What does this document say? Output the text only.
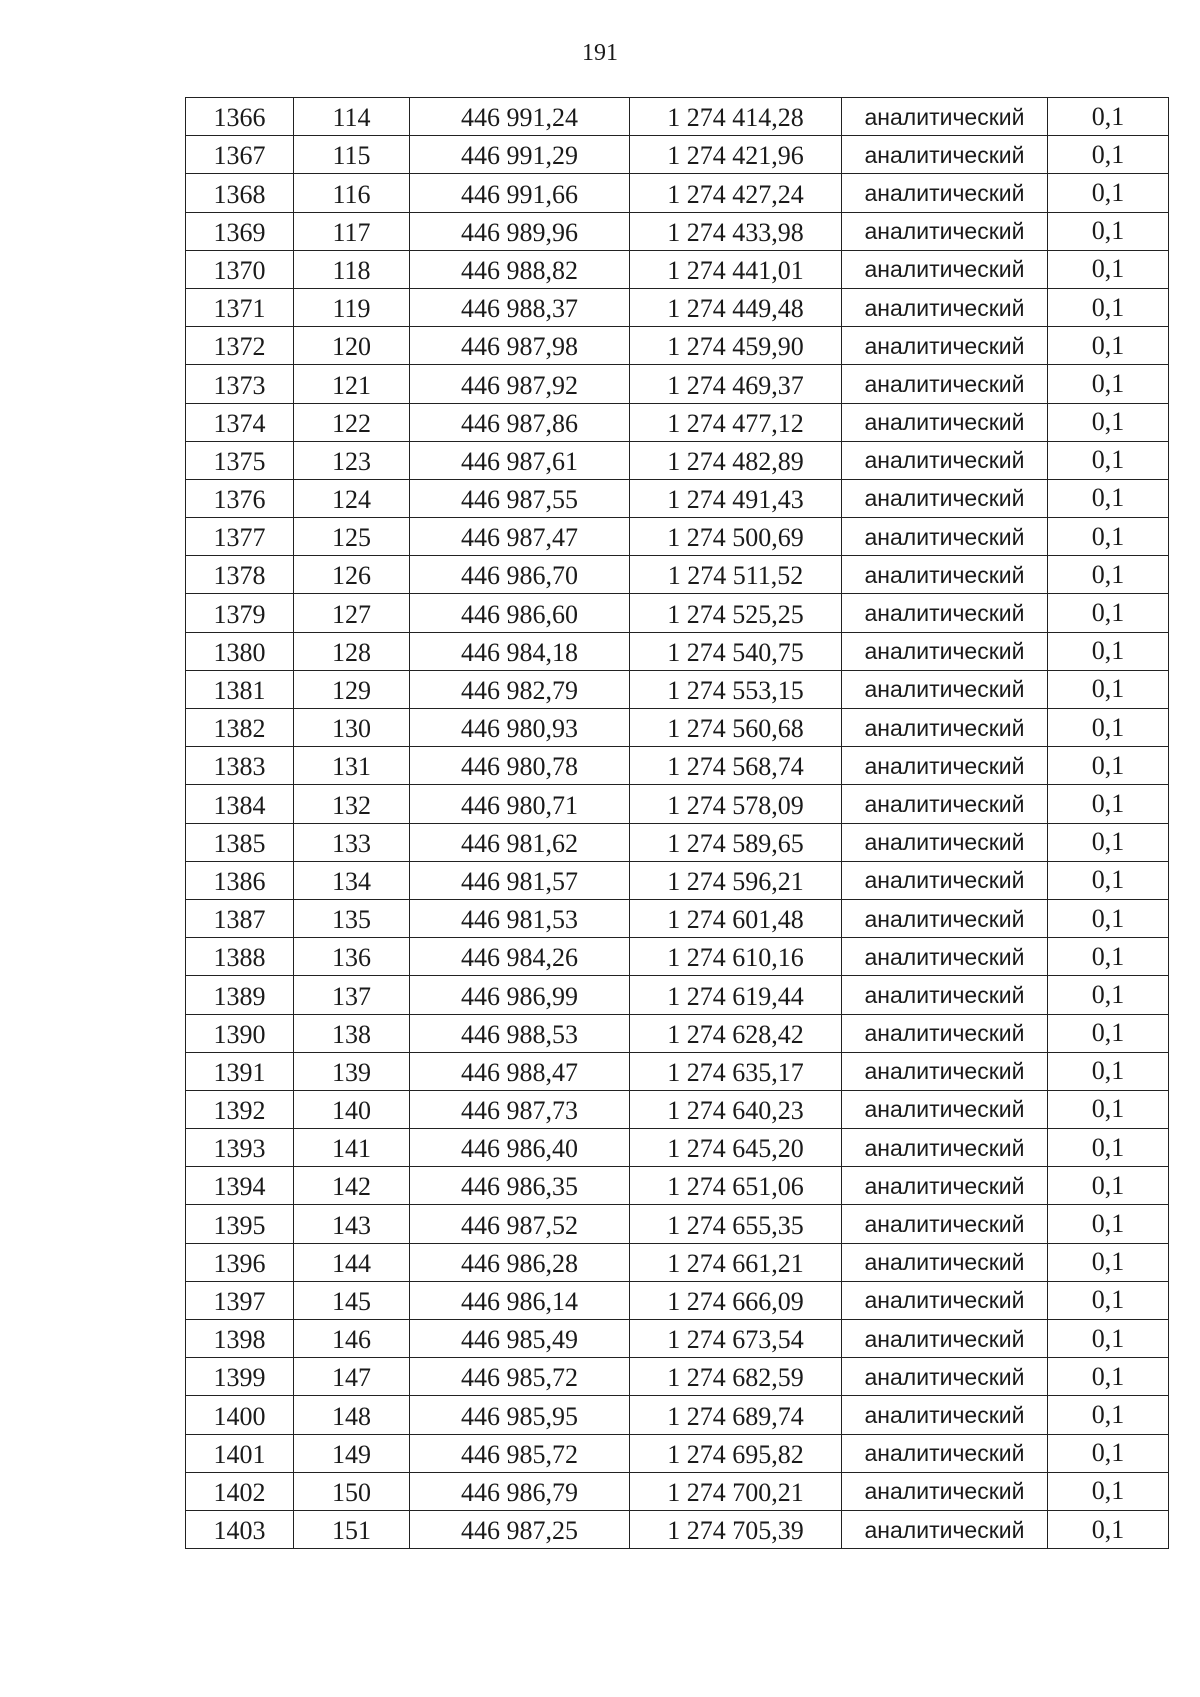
191
1366	114	446 991,24	1 274 414,28	аналитический	0,1
1367	115	446 991,29	1 274 421,96	аналитический	0,1
1368	116	446 991,66	1 274 427,24	аналитический	0,1
1369	117	446 989,96	1 274 433,98	аналитический	0,1
1370	118	446 988,82	1 274 441,01	аналитический	0,1
1371	119	446 988,37	1 274 449,48	аналитический	0,1
1372	120	446 987,98	1 274 459,90	аналитический	0,1
1373	121	446 987,92	1 274 469,37	аналитический	0,1
1374	122	446 987,86	1 274 477,12	аналитический	0,1
1375	123	446 987,61	1 274 482,89	аналитический	0,1
1376	124	446 987,55	1 274 491,43	аналитический	0,1
1377	125	446 987,47	1 274 500,69	аналитический	0,1
1378	126	446 986,70	1 274 511,52	аналитический	0,1
1379	127	446 986,60	1 274 525,25	аналитический	0,1
1380	128	446 984,18	1 274 540,75	аналитический	0,1
1381	129	446 982,79	1 274 553,15	аналитический	0,1
1382	130	446 980,93	1 274 560,68	аналитический	0,1
1383	131	446 980,78	1 274 568,74	аналитический	0,1
1384	132	446 980,71	1 274 578,09	аналитический	0,1
1385	133	446 981,62	1 274 589,65	аналитический	0,1
1386	134	446 981,57	1 274 596,21	аналитический	0,1
1387	135	446 981,53	1 274 601,48	аналитический	0,1
1388	136	446 984,26	1 274 610,16	аналитический	0,1
1389	137	446 986,99	1 274 619,44	аналитический	0,1
1390	138	446 988,53	1 274 628,42	аналитический	0,1
1391	139	446 988,47	1 274 635,17	аналитический	0,1
1392	140	446 987,73	1 274 640,23	аналитический	0,1
1393	141	446 986,40	1 274 645,20	аналитический	0,1
1394	142	446 986,35	1 274 651,06	аналитический	0,1
1395	143	446 987,52	1 274 655,35	аналитический	0,1
1396	144	446 986,28	1 274 661,21	аналитический	0,1
1397	145	446 986,14	1 274 666,09	аналитический	0,1
1398	146	446 985,49	1 274 673,54	аналитический	0,1
1399	147	446 985,72	1 274 682,59	аналитический	0,1
1400	148	446 985,95	1 274 689,74	аналитический	0,1
1401	149	446 985,72	1 274 695,82	аналитический	0,1
1402	150	446 986,79	1 274 700,21	аналитический	0,1
1403	151	446 987,25	1 274 705,39	аналитический	0,1
